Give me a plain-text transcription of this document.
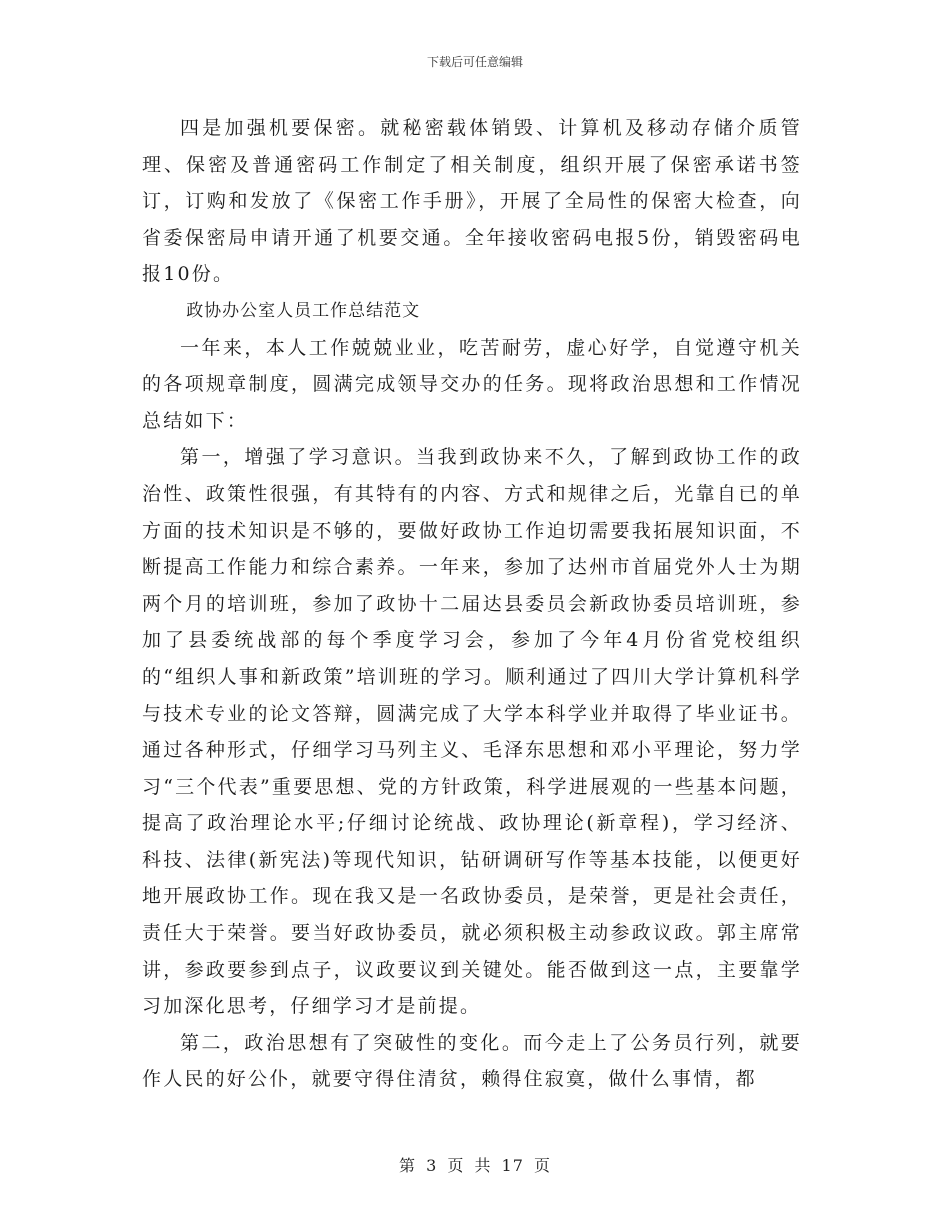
下载后可任意编辑

四是加强机要保密。就秘密载体销毁、计算机及移动存储介质管理、保密及普通密码工作制定了相关制度，组织开展了保密承诺书签订，订购和发放了《保密工作手册》，开展了全局性的保密大检查，向省委保密局申请开通了机要交通。全年接收密码电报5份，销毁密码电报10份。

政协办公室人员工作总结范文

一年来，本人工作兢兢业业，吃苦耐劳，虚心好学，自觉遵守机关的各项规章制度，圆满完成领导交办的任务。现将政治思想和工作情况总结如下：

第一，增强了学习意识。当我到政协来不久，了解到政协工作的政治性、政策性很强，有其特有的内容、方式和规律之后，光靠自已的单方面的技术知识是不够的，要做好政协工作迫切需要我拓展知识面，不断提高工作能力和综合素养。一年来，参加了达州市首届党外人士为期两个月的培训班，参加了政协十二届达县委员会新政协委员培训班，参加了县委统战部的每个季度学习会，参加了今年4月份省党校组织的“组织人事和新政策”培训班的学习。顺利通过了四川大学计算机科学与技术专业的论文答辩，圆满完成了大学本科学业并取得了毕业证书。通过各种形式，仔细学习马列主义、毛泽东思想和邓小平理论，努力学习“三个代表”重要思想、党的方针政策，科学进展观的一些基本问题，提高了政治理论水平;仔细讨论统战、政协理论(新章程)，学习经济、科技、法律(新宪法)等现代知识，钻研调研写作等基本技能，以便更好地开展政协工作。现在我又是一名政协委员，是荣誉，更是社会责任，责任大于荣誉。要当好政协委员，就必须积极主动参政议政。郭主席常讲，参政要参到点子，议政要议到关键处。能否做到这一点，主要靠学习加深化思考，仔细学习才是前提。

第二，政治思想有了突破性的变化。而今走上了公务员行列，就要作人民的好公仆，就要守得住清贫，赖得住寂寞，做什么事情，都

第 3 页 共 17 页
